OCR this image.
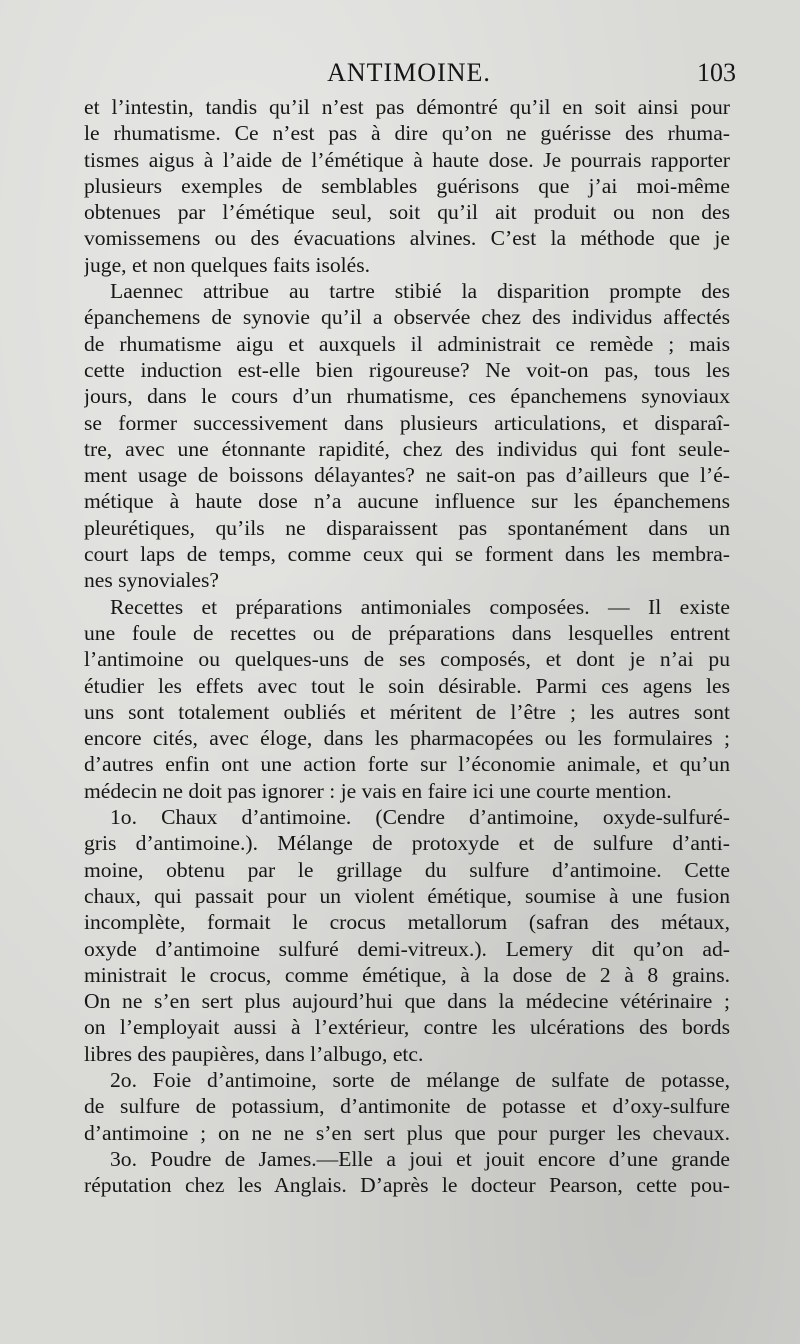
ANTIMOINE.	103
et l’intestin, tandis qu’il n’est pas démontré qu’il en soit ainsi pour
le rhumatisme. Ce n’est pas à dire qu’on ne guérisse des rhuma-
tismes aigus à l’aide de l’émétique à haute dose. Je pourrais rapporter
plusieurs exemples de semblables guérisons que j’ai moi-même
obtenues par l’émétique seul, soit qu’il ait produit ou non des
vomissemens ou des évacuations alvines. C’est la méthode que je
juge, et non quelques faits isolés.
Laennec attribue au tartre stibié la disparition prompte des
épanchemens de synovie qu’il a observée chez des individus affectés
de rhumatisme aigu et auxquels il administrait ce remède ; mais
cette induction est-elle bien rigoureuse? Ne voit-on pas, tous les
jours, dans le cours d’un rhumatisme, ces épanchemens synoviaux
se former successivement dans plusieurs articulations, et disparaî-
tre, avec une étonnante rapidité, chez des individus qui font seule-
ment usage de boissons délayantes? ne sait-on pas d’ailleurs que l’é-
métique à haute dose n’a aucune influence sur les épanchemens
pleurétiques, qu’ils ne disparaissent pas spontanément dans un
court laps de temps, comme ceux qui se forment dans les membra-
nes synoviales?
Recettes et préparations antimoniales composées. — Il existe
une foule de recettes ou de préparations dans lesquelles entrent
l’antimoine ou quelques-uns de ses composés, et dont je n’ai pu
étudier les effets avec tout le soin désirable. Parmi ces agens les
uns sont totalement oubliés et méritent de l’être ; les autres sont
encore cités, avec éloge, dans les pharmacopées ou les formulaires ;
d’autres enfin ont une action forte sur l’économie animale, et qu’un
médecin ne doit pas ignorer : je vais en faire ici une courte mention.
1o. Chaux d’antimoine. (Cendre d’antimoine, oxyde-sulfuré-
gris d’antimoine.). Mélange de protoxyde et de sulfure d’anti-
moine, obtenu par le grillage du sulfure d’antimoine. Cette
chaux, qui passait pour un violent émétique, soumise à une fusion
incomplète, formait le crocus metallorum (safran des métaux,
oxyde d’antimoine sulfuré demi-vitreux.). Lemery dit qu’on ad-
ministrait le crocus, comme émétique, à la dose de 2 à 8 grains.
On ne s’en sert plus aujourd’hui que dans la médecine vétérinaire ;
on l’employait aussi à l’extérieur, contre les ulcérations des bords
libres des paupières, dans l’albugo, etc.
2o. Foie d’antimoine, sorte de mélange de sulfate de potasse,
de sulfure de potassium, d’antimonite de potasse et d’oxy-sulfure
d’antimoine ; on ne ne s’en sert plus que pour purger les chevaux.
3o. Poudre de James.—Elle a joui et jouit encore d’une grande
réputation chez les Anglais. D’après le docteur Pearson, cette pou-
